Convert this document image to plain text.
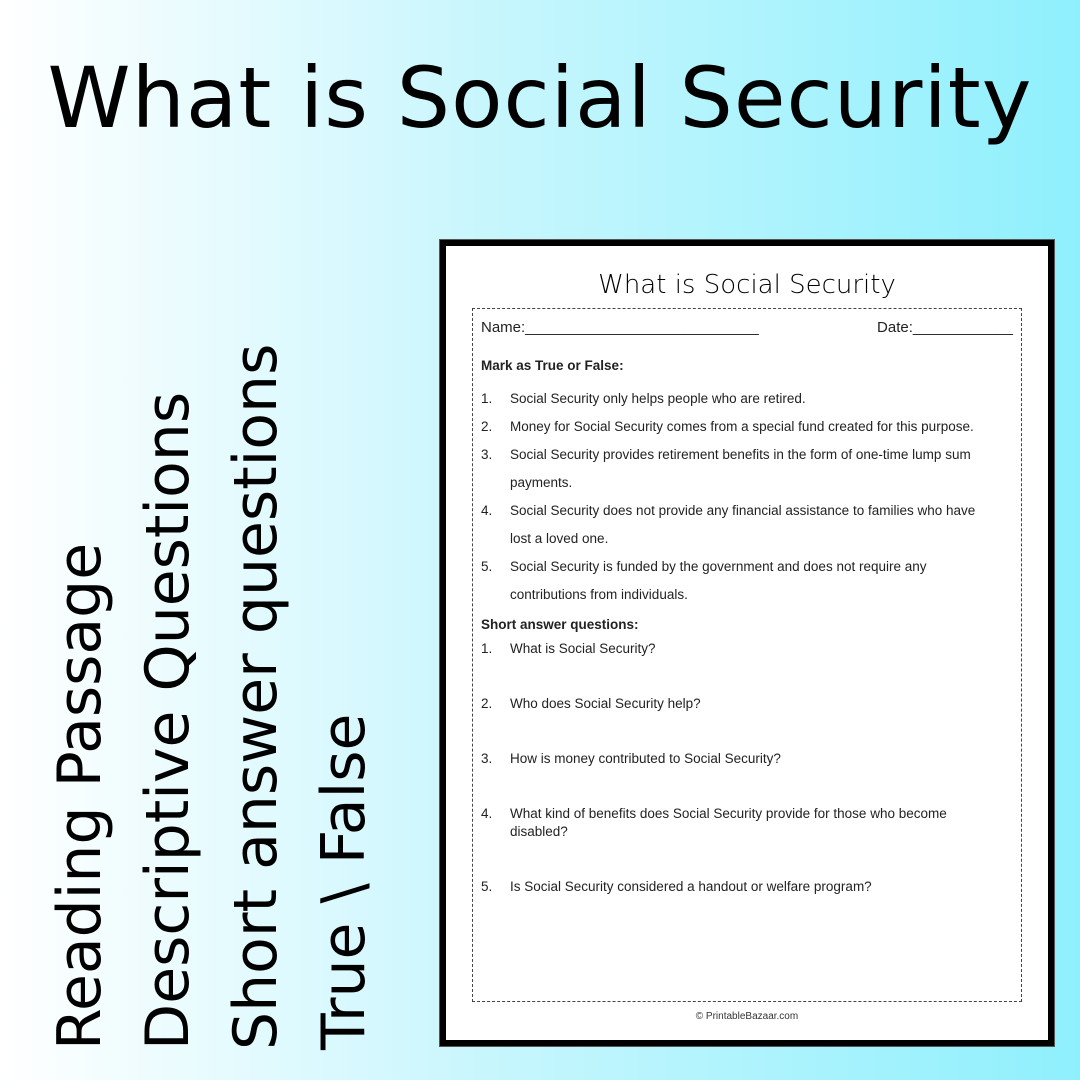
What is Social Security
Reading Passage Descriptive Questions Short answer questions True \ False
What is Social Security
Name:____________________________	Date:____________
Mark as True or False:
1.	Social Security only helps people who are retired.
2.	Money for Social Security comes from a special fund created for this purpose.
3.	Social Security provides retirement benefits in the form of one-time lump sum payments.
4.	Social Security does not provide any financial assistance to families who have lost a loved one.
5.	Social Security is funded by the government and does not require any contributions from individuals.
Short answer questions:
1.	What is Social Security?
2.	Who does Social Security help?
3.	How is money contributed to Social Security?
4.	What kind of benefits does Social Security provide for those who become disabled?
5.	Is Social Security considered a handout or welfare program?
© PrintableBazaar.com
